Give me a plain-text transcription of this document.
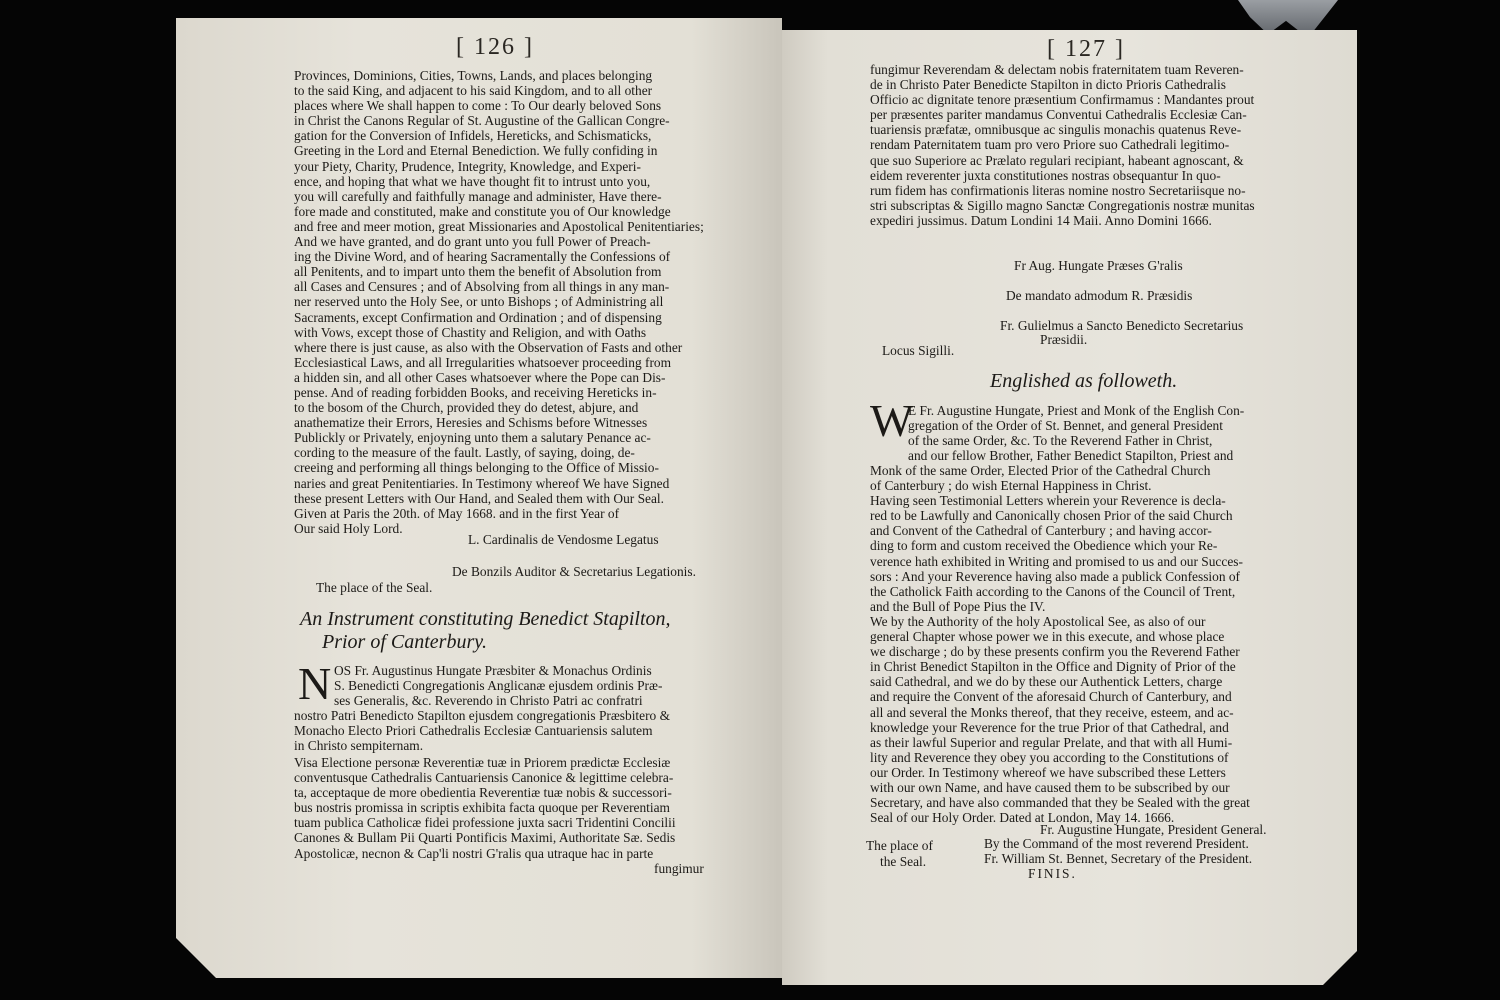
[ 126 ]
Provinces, Dominions, Cities, Towns, Lands, and places belonging
to the said King, and adjacent to his said Kingdom, and to all other
places where We shall happen to come : To Our dearly beloved Sons
in Christ the Canons Regular of St. Augustine of the Gallican Congre-
gation for the Conversion of Infidels, Hereticks, and Schismaticks,
Greeting in the Lord and Eternal Benediction. We fully confiding in
your Piety, Charity, Prudence, Integrity, Knowledge, and Experi-
ence, and hoping that what we have thought fit to intrust unto you,
you will carefully and faithfully manage and administer, Have there-
fore made and constituted, make and constitute you of Our knowledge
and free and meer motion, great Missionaries and Apostolical Penitentiaries;
And we have granted, and do grant unto you full Power of Preach-
ing the Divine Word, and of hearing Sacramentally the Confessions of
all Penitents, and to impart unto them the benefit of Absolution from
all Cases and Censures ; and of Absolving from all things in any man-
ner reserved unto the Holy See, or unto Bishops ; of Administring all
Sacraments, except Confirmation and Ordination ; and of dispensing
with Vows, except those of Chastity and Religion, and with Oaths
where there is just cause, as also with the Observation of Fasts and other
Ecclesiastical Laws, and all Irregularities whatsoever proceeding from
a hidden sin, and all other Cases whatsoever where the Pope can Dis-
pense. And of reading forbidden Books, and receiving Hereticks in-
to the bosom of the Church, provided they do detest, abjure, and
anathematize their Errors, Heresies and Schisms before Witnesses
Publickly or Privately, enjoyning unto them a salutary Penance ac-
cording to the measure of the fault. Lastly, of saying, doing, de-
creeing and performing all things belonging to the Office of Missio-
naries and great Penitentiaries. In Testimony whereof We have Signed
these present Letters with Our Hand, and Sealed them with Our Seal.
Given at Paris the 20th. of May 1668. and in the first Year of
Our said Holy Lord.
L. Cardinalis de Vendosme Legatus
De Bonzils Auditor & Secretarius Legationis.
The place of the Seal.
An Instrument constituting Benedict Stapilton,
Prior of Canterbury.
N OS Fr. Augustinus Hungate Præsbiter & Monachus Ordinis
S. Benedicti Congregationis Anglicanæ ejusdem ordinis Præ-
ses Generalis, &c. Reverendo in Christo Patri ac confratri
nostro Patri Benedicto Stapilton ejusdem congregationis Præsbitero &
Monacho Electo Priori Cathedralis Ecclesiæ Cantuariensis salutem
in Christo sempiternam.
Visa Electione personæ Reverentiæ tuæ in Priorem prædictæ Ecclesiæ
conventusque Cathedralis Cantuariensis Canonice & legittime celebra-
ta, acceptaque de more obedientia Reverentiæ tuæ nobis & successori-
bus nostris promissa in scriptis exhibita facta quoque per Reverentiam
tuam publica Catholicæ fidei professione juxta sacri Tridentini Concilii
Canones & Bullam Pii Quarti Pontificis Maximi, Authoritate Sæ. Sedis
Apostolicæ, necnon & Cap'li nostri G'ralis qua utraque hac in parte
fungimur
[ 127 ]
fungimur Reverendam & delectam nobis fraternitatem tuam Reveren-
de in Christo Pater Benedicte Stapilton in dicto Prioris Cathedralis
Officio ac dignitate tenore præsentium Confirmamus : Mandantes prout
per præsentes pariter mandamus Conventui Cathedralis Ecclesiæ Can-
tuariensis præfatæ, omnibusque ac singulis monachis quatenus Reve-
rendam Paternitatem tuam pro vero Priore suo Cathedrali legitimo-
que suo Superiore ac Prælato regulari recipiant, habeant agnoscant, &
eidem reverenter juxta constitutiones nostras obsequantur In quo-
rum fidem has confirmationis literas nomine nostro Secretariisque no-
stri subscriptas & Sigillo magno Sanctæ Congregationis nostræ munitas
expediri jussimus. Datum Londini 14 Maii. Anno Domini 1666.
Fr Aug. Hungate Præses G'ralis
De mandato admodum R. Præsidis
Fr. Gulielmus a Sancto Benedicto Secretarius
Præsidii.
Locus Sigilli.
Englished as followeth.
W
E Fr. Augustine Hungate, Priest and Monk of the English Con-
gregation of the Order of St. Bennet, and general President
of the same Order, &c. To the Reverend Father in Christ,
and our fellow Brother, Father Benedict Stapilton, Priest and
Monk of the same Order, Elected Prior of the Cathedral Church
of Canterbury ; do wish Eternal Happiness in Christ.
Having seen Testimonial Letters wherein your Reverence is decla-
red to be Lawfully and Canonically chosen Prior of the said Church
and Convent of the Cathedral of Canterbury ; and having accor-
ding to form and custom received the Obedience which your Re-
verence hath exhibited in Writing and promised to us and our Succes-
sors : And your Reverence having also made a publick Confession of
the Catholick Faith according to the Canons of the Council of Trent,
and the Bull of Pope Pius the IV.
We by the Authority of the holy Apostolical See, as also of our
general Chapter whose power we in this execute, and whose place
we discharge ; do by these presents confirm you the Reverend Father
in Christ Benedict Stapilton in the Office and Dignity of Prior of the
said Cathedral, and we do by these our Authentick Letters, charge
and require the Convent of the aforesaid Church of Canterbury, and
all and several the Monks thereof, that they receive, esteem, and ac-
knowledge your Reverence for the true Prior of that Cathedral, and
as their lawful Superior and regular Prelate, and that with all Humi-
lity and Reverence they obey you according to the Constitutions of
our Order. In Testimony whereof we have subscribed these Letters
with our own Name, and have caused them to be subscribed by our
Secretary, and have also commanded that they be Sealed with the great
Seal of our Holy Order. Dated at London, May 14. 1666.
Fr. Augustine Hungate, President General.
The place of
the Seal.
By the Command of the most reverend President.
Fr. William St. Bennet, Secretary of the President.
FINIS.
